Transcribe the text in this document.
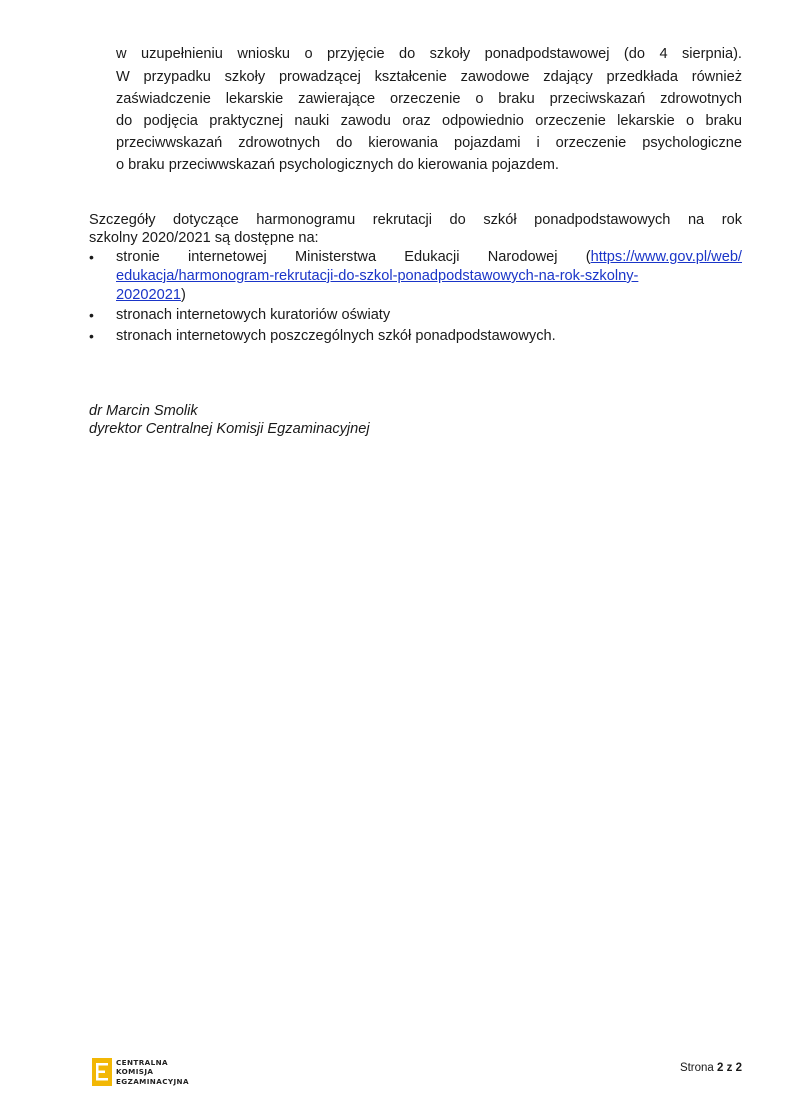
w uzupełnieniu wniosku o przyjęcie do szkoły ponadpodstawowej (do 4 sierpnia).
W przypadku szkoły prowadzącej kształcenie zawodowe zdający przedkłada również
zaświadczenie lekarskie zawierające orzeczenie o braku przeciwskazań zdrowotnych
do podjęcia praktycznej nauki zawodu oraz odpowiednio orzeczenie lekarskie o braku
przeciwwskazań zdrowotnych do kierowania pojazdami i orzeczenie psychologiczne
o braku przeciwwskazań psychologicznych do kierowania pojazdem.
Szczegóły dotyczące harmonogramu rekrutacji do szkół ponadpodstawowych na rok
szkolny 2020/2021 są dostępne na:
• stronie internetowej Ministerstwa Edukacji Narodowej (https://www.gov.pl/web/
edukacja/harmonogram-rekrutacji-do-szkol-ponadpodstawowych-na-rok-szkolny-
20202021)
• stronach internetowych kuratoriów oświaty
• stronach internetowych poszczególnych szkół ponadpodstawowych.
dr Marcin Smolik
dyrektor Centralnej Komisji Egzaminacyjnej
CENTRALNA
KOMISJA
EGZAMINACYJNA
Strona 2 z 2
